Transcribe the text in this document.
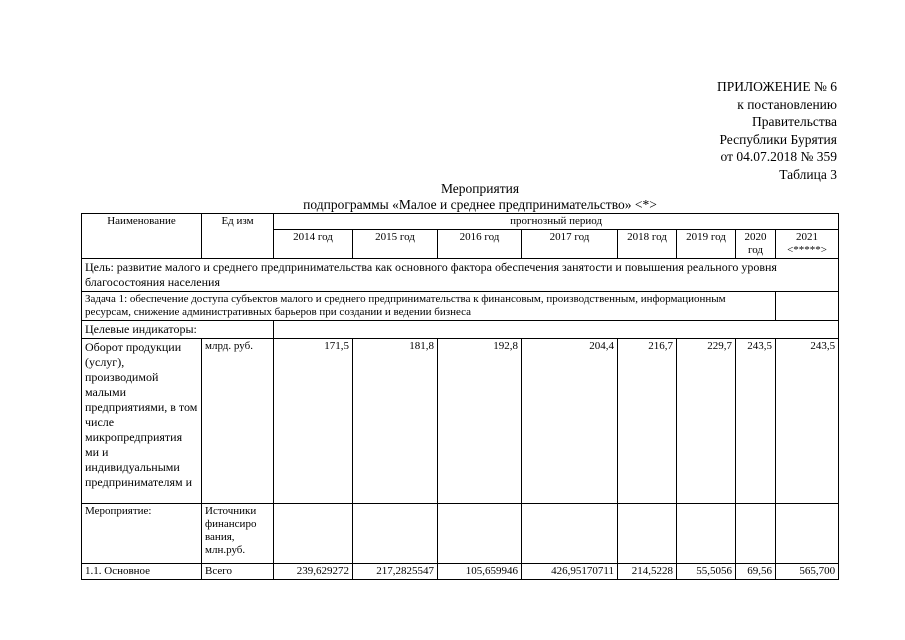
ПРИЛОЖЕНИЕ № 6
к постановлению
Правительства
Республики Бурятия
от 04.07.2018 № 359
Таблица 3
Мероприятия
подпрограммы «Малое и среднее предпринимательство» <*>
Наименование	Ед изм	прогнозный период							
		2014 год	2015 год	2016 год	2017 год	2018 год	2019 год	2020 год	2021 <*****>
Цель: развитие малого и среднего предпринимательства как основного фактора обеспечения занятости и повышения реального уровня благосостояния населения									
Задача 1: обеспечение доступа субъектов малого и среднего предпринимательства к финансовым, производственным, информационным ресурсам, снижение административных барьеров при создании и ведении бизнеса									
Целевые индикаторы:									
Оборот продукции (услуг), производимой малыми предприятиями, в том числе микропредприятия ми и индивидуальными предпринимателям и	млрд. руб.	171,5	181,8	192,8	204,4	216,7	229,7	243,5	243,5
Мероприятие:	Источники финансиро вания, млн.руб.								
1.1. Основное	Всего	239,629272	217,2825547	105,659946	426,95170711	214,5228	55,5056	69,56	565,700
